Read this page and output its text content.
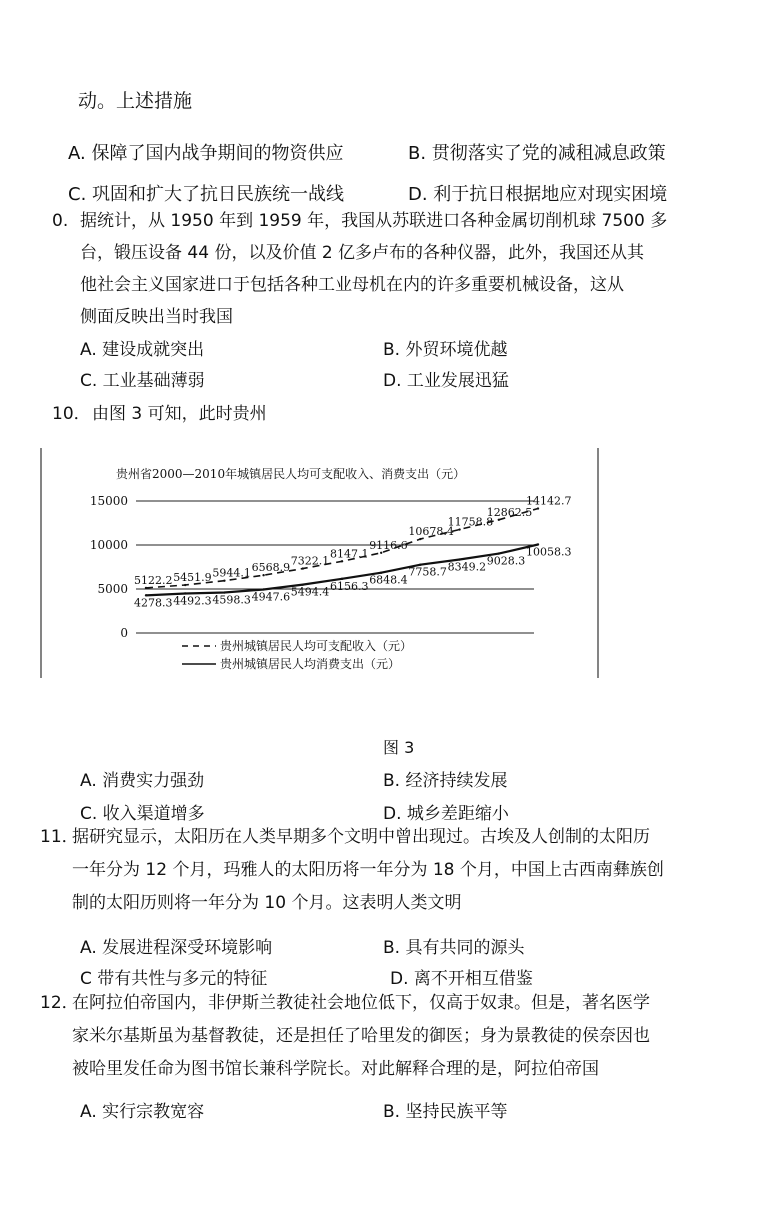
动。上述措施
A. 保障了国内战争期间的物资供应	B. 贯彻落实了党的减租减息政策
C. 巩固和扩大了抗日民族统一战线	D. 利于抗日根据地应对现实困境
0. 据统计，从 1950 年到 1959 年，我国从苏联进口各种金属切削机球 7500 多
台，锻压设备 44 份，以及价值 2 亿多卢布的各种仪器，此外，我国还从其
他社会主义国家进口于包括各种工业母机在内的许多重要机械设备，这从
侧面反映出当时我国
A. 建设成就突出	B. 外贸环境优越
C. 工业基础薄弱	D. 工业发展迅猛
10． 由图 3 可知，此时贵州
贵州省2000—2010年城镇居民人均可支配收入、消费支出（元）
0
5000
10000
15000
5122.2 5451.9 5944.1 6568.9
7322.1
8147.1
9116.6
10678.4
11758.8
12862.5
14142.7
4278.3 4492.3 4598.3 4947.6 5494.4 6156.3 6848.4
7758.7 8349.2 9028.3
10058.3
贵州城镇居民人均可支配收入（元）
贵州城镇居民人均消费支出（元）
图 3
A. 消费实力强劲	B. 经济持续发展
C. 收入渠道增多	D. 城乡差距缩小
11．
据研究显示，太阳历在人类早期多个文明中曾出现过。古埃及人创制的太阳历
一年分为 12 个月，玛雅人的太阳历将一年分为 18 个月，中国上古西南彝族创
制的太阳历则将一年分为 10 个月。这表明人类文明
A. 发展进程深受环境影响	B. 具有共同的源头
C 带有共性与多元的特征	D. 离不开相互借鉴
12．
在阿拉伯帝国内，非伊斯兰教徒社会地位低下，仅高于奴隶。但是，著名医学
家米尔基斯虽为基督教徒，还是担任了哈里发的御医；身为景教徒的侯奈因也
被哈里发任命为图书馆长兼科学院长。对此解释合理的是，阿拉伯帝国
A. 实行宗教宽容	B. 坚持民族平等
